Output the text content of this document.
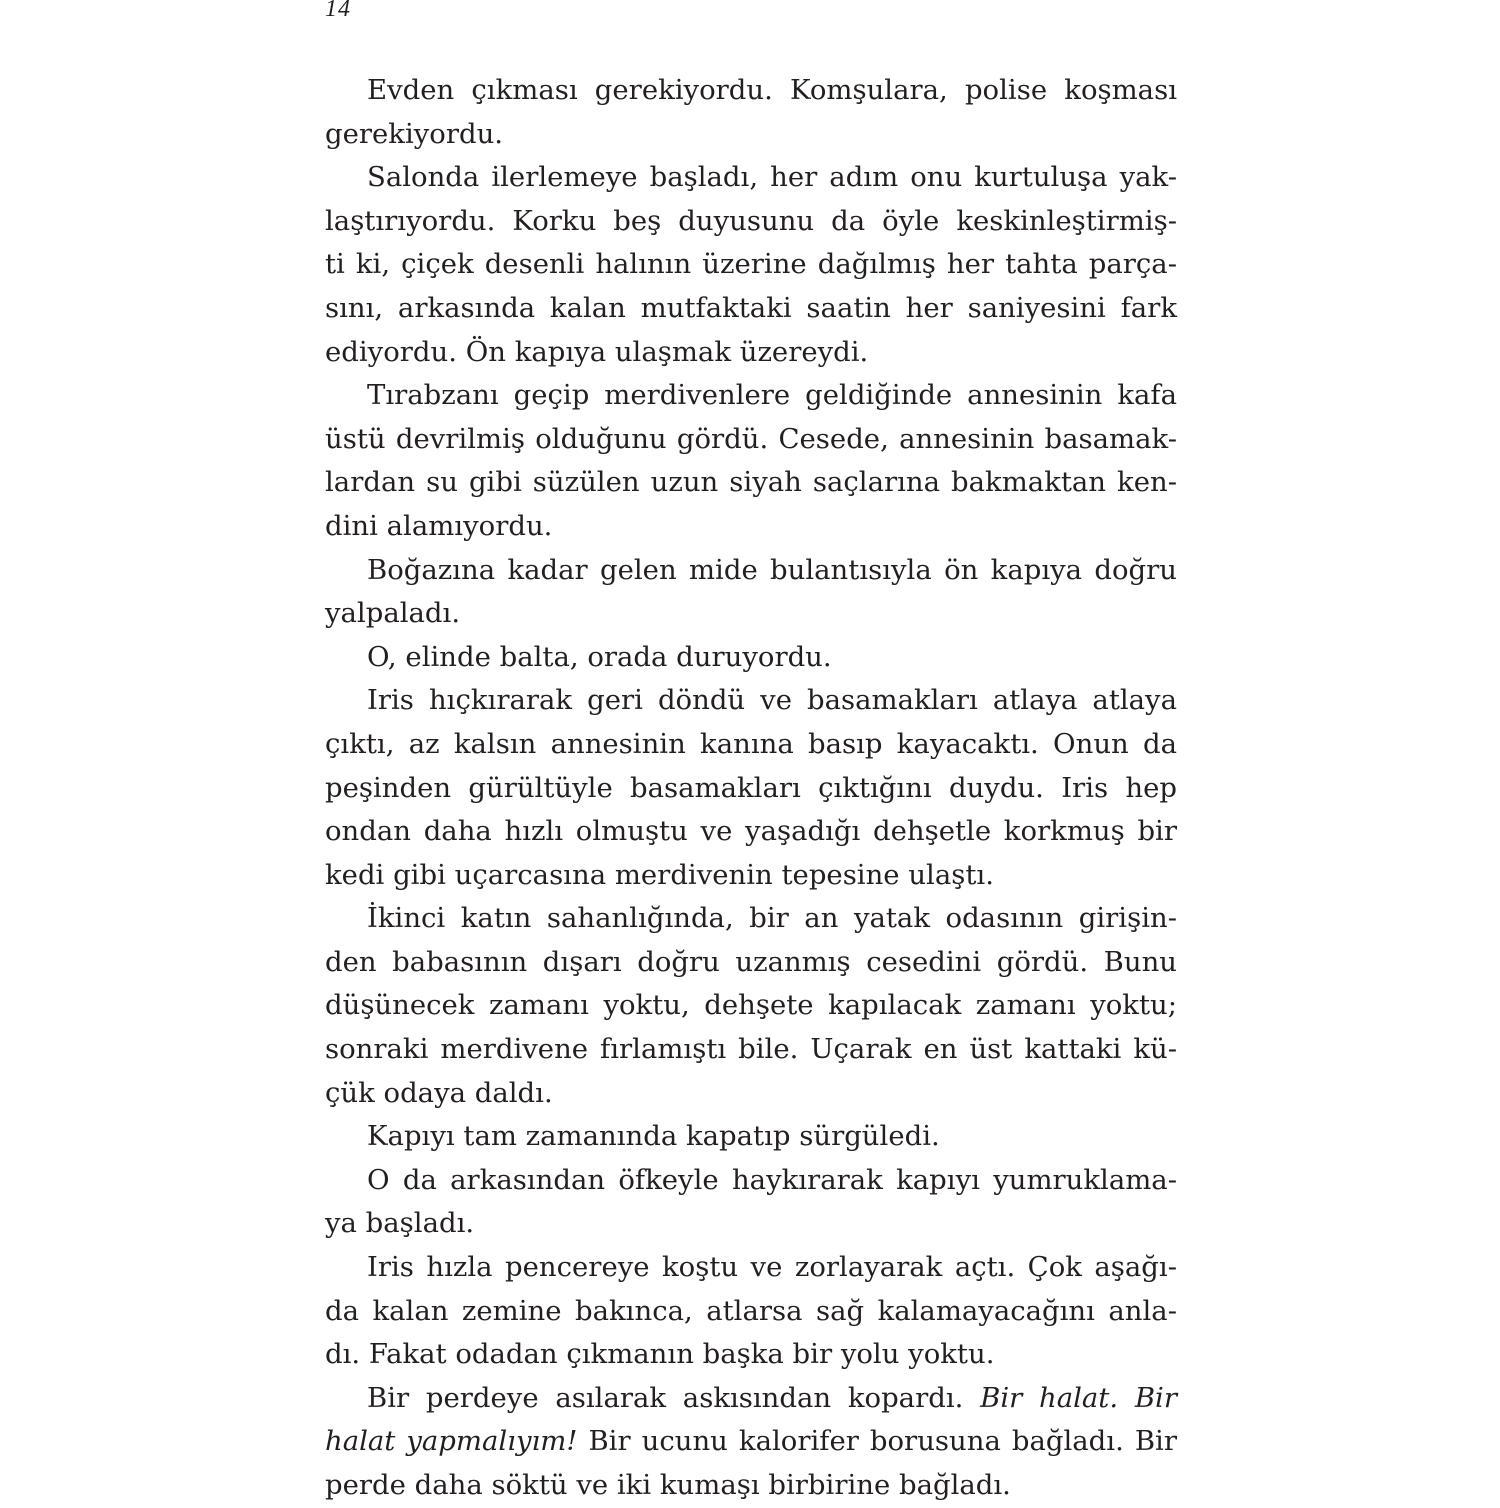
14
Evden çıkması gerekiyordu. Komşulara, polise koşması
gerekiyordu.
Salonda ilerlemeye başladı, her adım onu kurtuluşa yak-
laştırıyordu. Korku beş duyusunu da öyle keskinleştirmiş-
ti ki, çiçek desenli halının üzerine dağılmış her tahta parça-
sını, arkasında kalan mutfaktaki saatin her saniyesini fark
ediyordu. Ön kapıya ulaşmak üzereydi.
Tırabzanı geçip merdivenlere geldiğinde annesinin kafa
üstü devrilmiş olduğunu gördü. Cesede, annesinin basamak-
lardan su gibi süzülen uzun siyah saçlarına bakmaktan ken-
dini alamıyordu.
Boğazına kadar gelen mide bulantısıyla ön kapıya doğru
yalpaladı.
O, elinde balta, orada duruyordu.
Iris hıçkırarak geri döndü ve basamakları atlaya atlaya
çıktı, az kalsın annesinin kanına basıp kayacaktı. Onun da
peşinden gürültüyle basamakları çıktığını duydu. Iris hep
ondan daha hızlı olmuştu ve yaşadığı dehşetle korkmuş bir
kedi gibi uçarcasına merdivenin tepesine ulaştı.
İkinci katın sahanlığında, bir an yatak odasının girişin-
den babasının dışarı doğru uzanmış cesedini gördü. Bunu
düşünecek zamanı yoktu, dehşete kapılacak zamanı yoktu;
sonraki merdivene fırlamıştı bile. Uçarak en üst kattaki kü-
çük odaya daldı.
Kapıyı tam zamanında kapatıp sürgüledi.
O da arkasından öfkeyle haykırarak kapıyı yumruklama-
ya başladı.
Iris hızla pencereye koştu ve zorlayarak açtı. Çok aşağı-
da kalan zemine bakınca, atlarsa sağ kalamayacağını anla-
dı. Fakat odadan çıkmanın başka bir yolu yoktu.
Bir perdeye asılarak askısından kopardı. Bir halat. Bir
halat yapmalıyım! Bir ucunu kalorifer borusuna bağladı. Bir
perde daha söktü ve iki kumaşı birbirine bağladı.
